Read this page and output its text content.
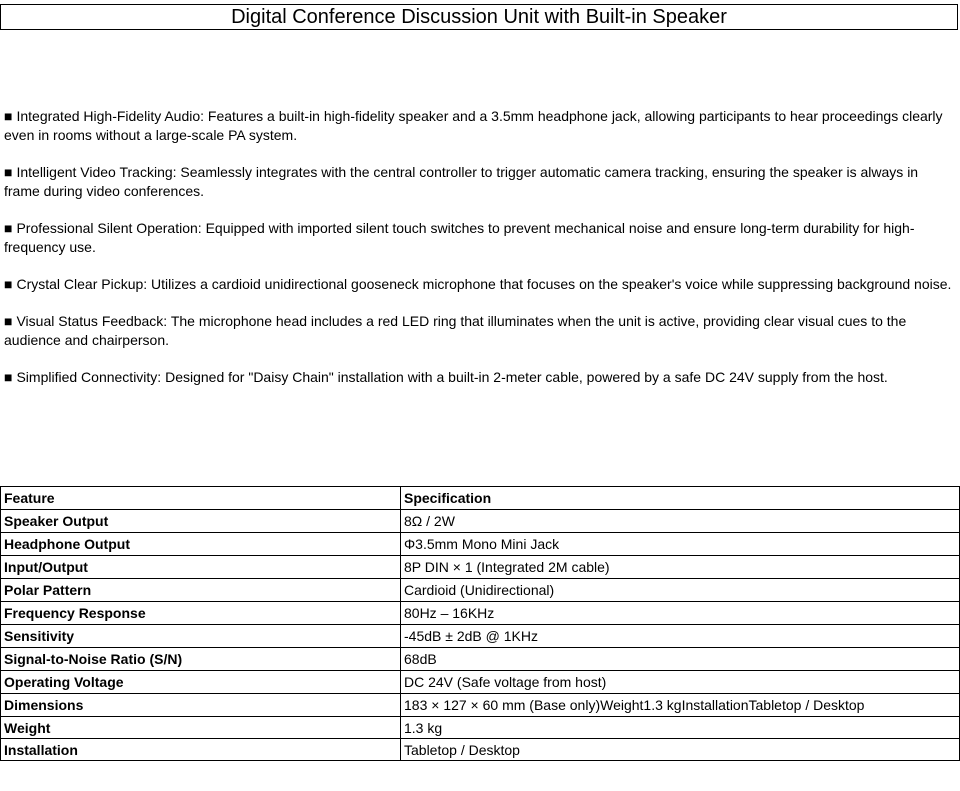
Digital Conference Discussion Unit with Built-in Speaker
■ Integrated High-Fidelity Audio: Features a built-in high-fidelity speaker and a 3.5mm headphone jack, allowing participants to hear proceedings clearly even in rooms without a large-scale PA system.
■ Intelligent Video Tracking: Seamlessly integrates with the central controller to trigger automatic camera tracking, ensuring the speaker is always in frame during video conferences.
■ Professional Silent Operation: Equipped with imported silent touch switches to prevent mechanical noise and ensure long-term durability for high-frequency use.
■ Crystal Clear Pickup: Utilizes a cardioid unidirectional gooseneck microphone that focuses on the speaker's voice while suppressing background noise.
■ Visual Status Feedback: The microphone head includes a red LED ring that illuminates when the unit is active, providing clear visual cues to the audience and chairperson.
■ Simplified Connectivity: Designed for "Daisy Chain" installation with a built-in 2-meter cable, powered by a safe DC 24V supply from the host.
Feature	Specification
Speaker Output	8Ω / 2W
Headphone Output	Φ3.5mm Mono Mini Jack
Input/Output	8P DIN × 1 (Integrated 2M cable)
Polar Pattern	Cardioid (Unidirectional)
Frequency Response	80Hz – 16KHz
Sensitivity	-45dB ± 2dB @ 1KHz
Signal-to-Noise Ratio (S/N)	68dB
Operating Voltage	DC 24V (Safe voltage from host)
Dimensions	183 × 127 × 60 mm (Base only)Weight1.3 kgInstallationTabletop / Desktop
Weight	1.3 kg
Installation	Tabletop / Desktop
